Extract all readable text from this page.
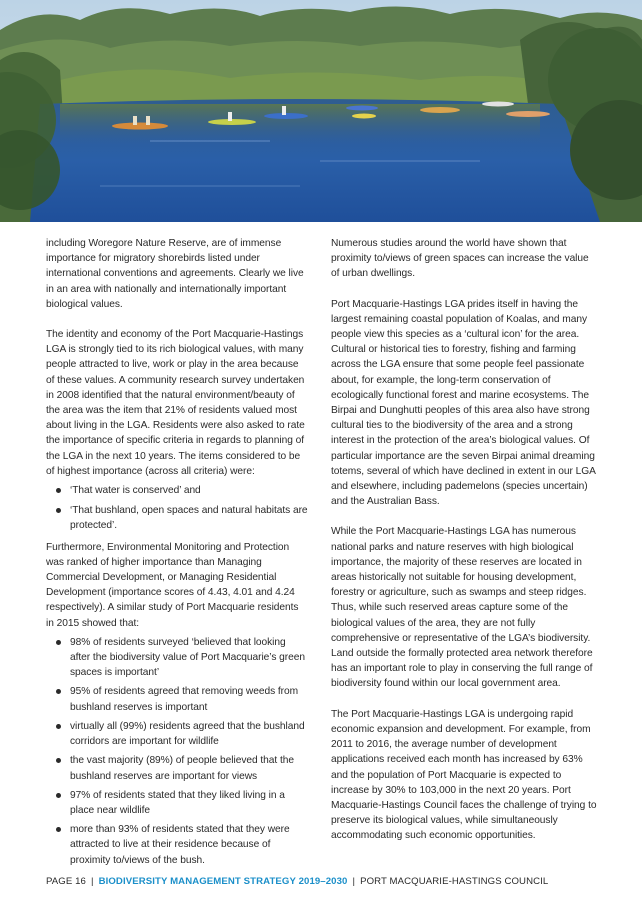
including Woregore Nature Reserve, are of immense importance for migratory shorebirds listed under international conventions and agreements. Clearly we live in an area with nationally and internationally important biological values.

The identity and economy of the Port Macquarie-Hastings LGA is strongly tied to its rich biological values, with many people attracted to live, work or play in the area because of these values. A community research survey undertaken in 2008 identified that the natural environment/beauty of the area was the item that 21% of residents valued most about living in the LGA. Residents were also asked to rate the importance of specific criteria in regards to planning of the LGA in the next 10 years. The items considered to be of highest importance (across all criteria) were:

‘That water is conserved’ and
‘That bushland, open spaces and natural habitats are protected’.

Furthermore, Environmental Monitoring and Protection was ranked of higher importance than Managing Commercial Development, or Managing Residential Development (importance scores of 4.43, 4.01 and 4.24 respectively). A similar study of Port Macquarie residents in 2015 showed that:

98% of residents surveyed ‘believed that looking after the biodiversity value of Port Macquarie’s green spaces is important’
95% of residents agreed that removing weeds from bushland reserves is important
virtually all (99%) residents agreed that the bushland corridors are important for wildlife
the vast majority (89%) of people believed that the bushland reserves are important for views
97% of residents stated that they liked living in a place near wildlife
more than 93% of residents stated that they were attracted to live at their residence because of proximity to/views of the bush.

Numerous studies around the world have shown that proximity to/views of green spaces can increase the value of urban dwellings.

Port Macquarie-Hastings LGA prides itself in having the largest remaining coastal population of Koalas, and many people view this species as a ‘cultural icon’ for the area. Cultural or historical ties to forestry, fishing and farming across the LGA ensure that some people feel passionate about, for example, the long-term conservation of ecologically functional forest and marine ecosystems. The Birpai and Dunghutti peoples of this area also have strong cultural ties to the biodiversity of the area and a strong interest in the protection of the area’s biological values. Of particular importance are the seven Birpai animal dreaming totems, several of which have declined in extent in our LGA and elsewhere, including pademelons (species uncertain) and the Australian Bass.

While the Port Macquarie-Hastings LGA has numerous national parks and nature reserves with high biological importance, the majority of these reserves are located in areas historically not suitable for housing development, forestry or agriculture, such as swamps and steep ridges. Thus, while such reserved areas capture some of the biological values of the area, they are not fully comprehensive or representative of the LGA’s biodiversity. Land outside the formally protected area network therefore has an important role to play in conserving the full range of biodiversity found within our local government area.

The Port Macquarie-Hastings LGA is undergoing rapid economic expansion and development. For example, from 2011 to 2016, the average number of development applications received each month has increased by 63% and the population of Port Macquarie is expected to increase by 30% to 103,000 in the next 20 years. Port Macquarie-Hastings Council faces the challenge of trying to preserve its biological values, while simultaneously accommodating such economic opportunities.

PAGE 16 | BIODIVERSITY MANAGEMENT STRATEGY 2019–2030 | PORT MACQUARIE-HASTINGS COUNCIL
